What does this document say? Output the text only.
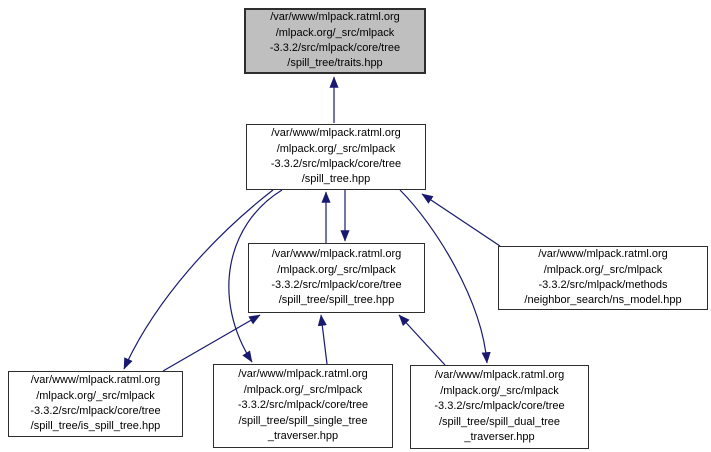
/var/www/mlpack.ratml.org
/mlpack.org/_src/mlpack
-3.3.2/src/mlpack/core/tree
/spill_tree/traits.hpp
/var/www/mlpack.ratml.org
/mlpack.org/_src/mlpack
-3.3.2/src/mlpack/core/tree
/spill_tree.hpp
/var/www/mlpack.ratml.org
/mlpack.org/_src/mlpack
-3.3.2/src/mlpack/core/tree
/spill_tree/spill_tree.hpp
/var/www/mlpack.ratml.org
/mlpack.org/_src/mlpack
-3.3.2/src/mlpack/methods
/neighbor_search/ns_model.hpp
/var/www/mlpack.ratml.org
/mlpack.org/_src/mlpack
-3.3.2/src/mlpack/core/tree
/spill_tree/is_spill_tree.hpp
/var/www/mlpack.ratml.org
/mlpack.org/_src/mlpack
-3.3.2/src/mlpack/core/tree
/spill_tree/spill_single_tree
_traverser.hpp
/var/www/mlpack.ratml.org
/mlpack.org/_src/mlpack
-3.3.2/src/mlpack/core/tree
/spill_tree/spill_dual_tree
_traverser.hpp
